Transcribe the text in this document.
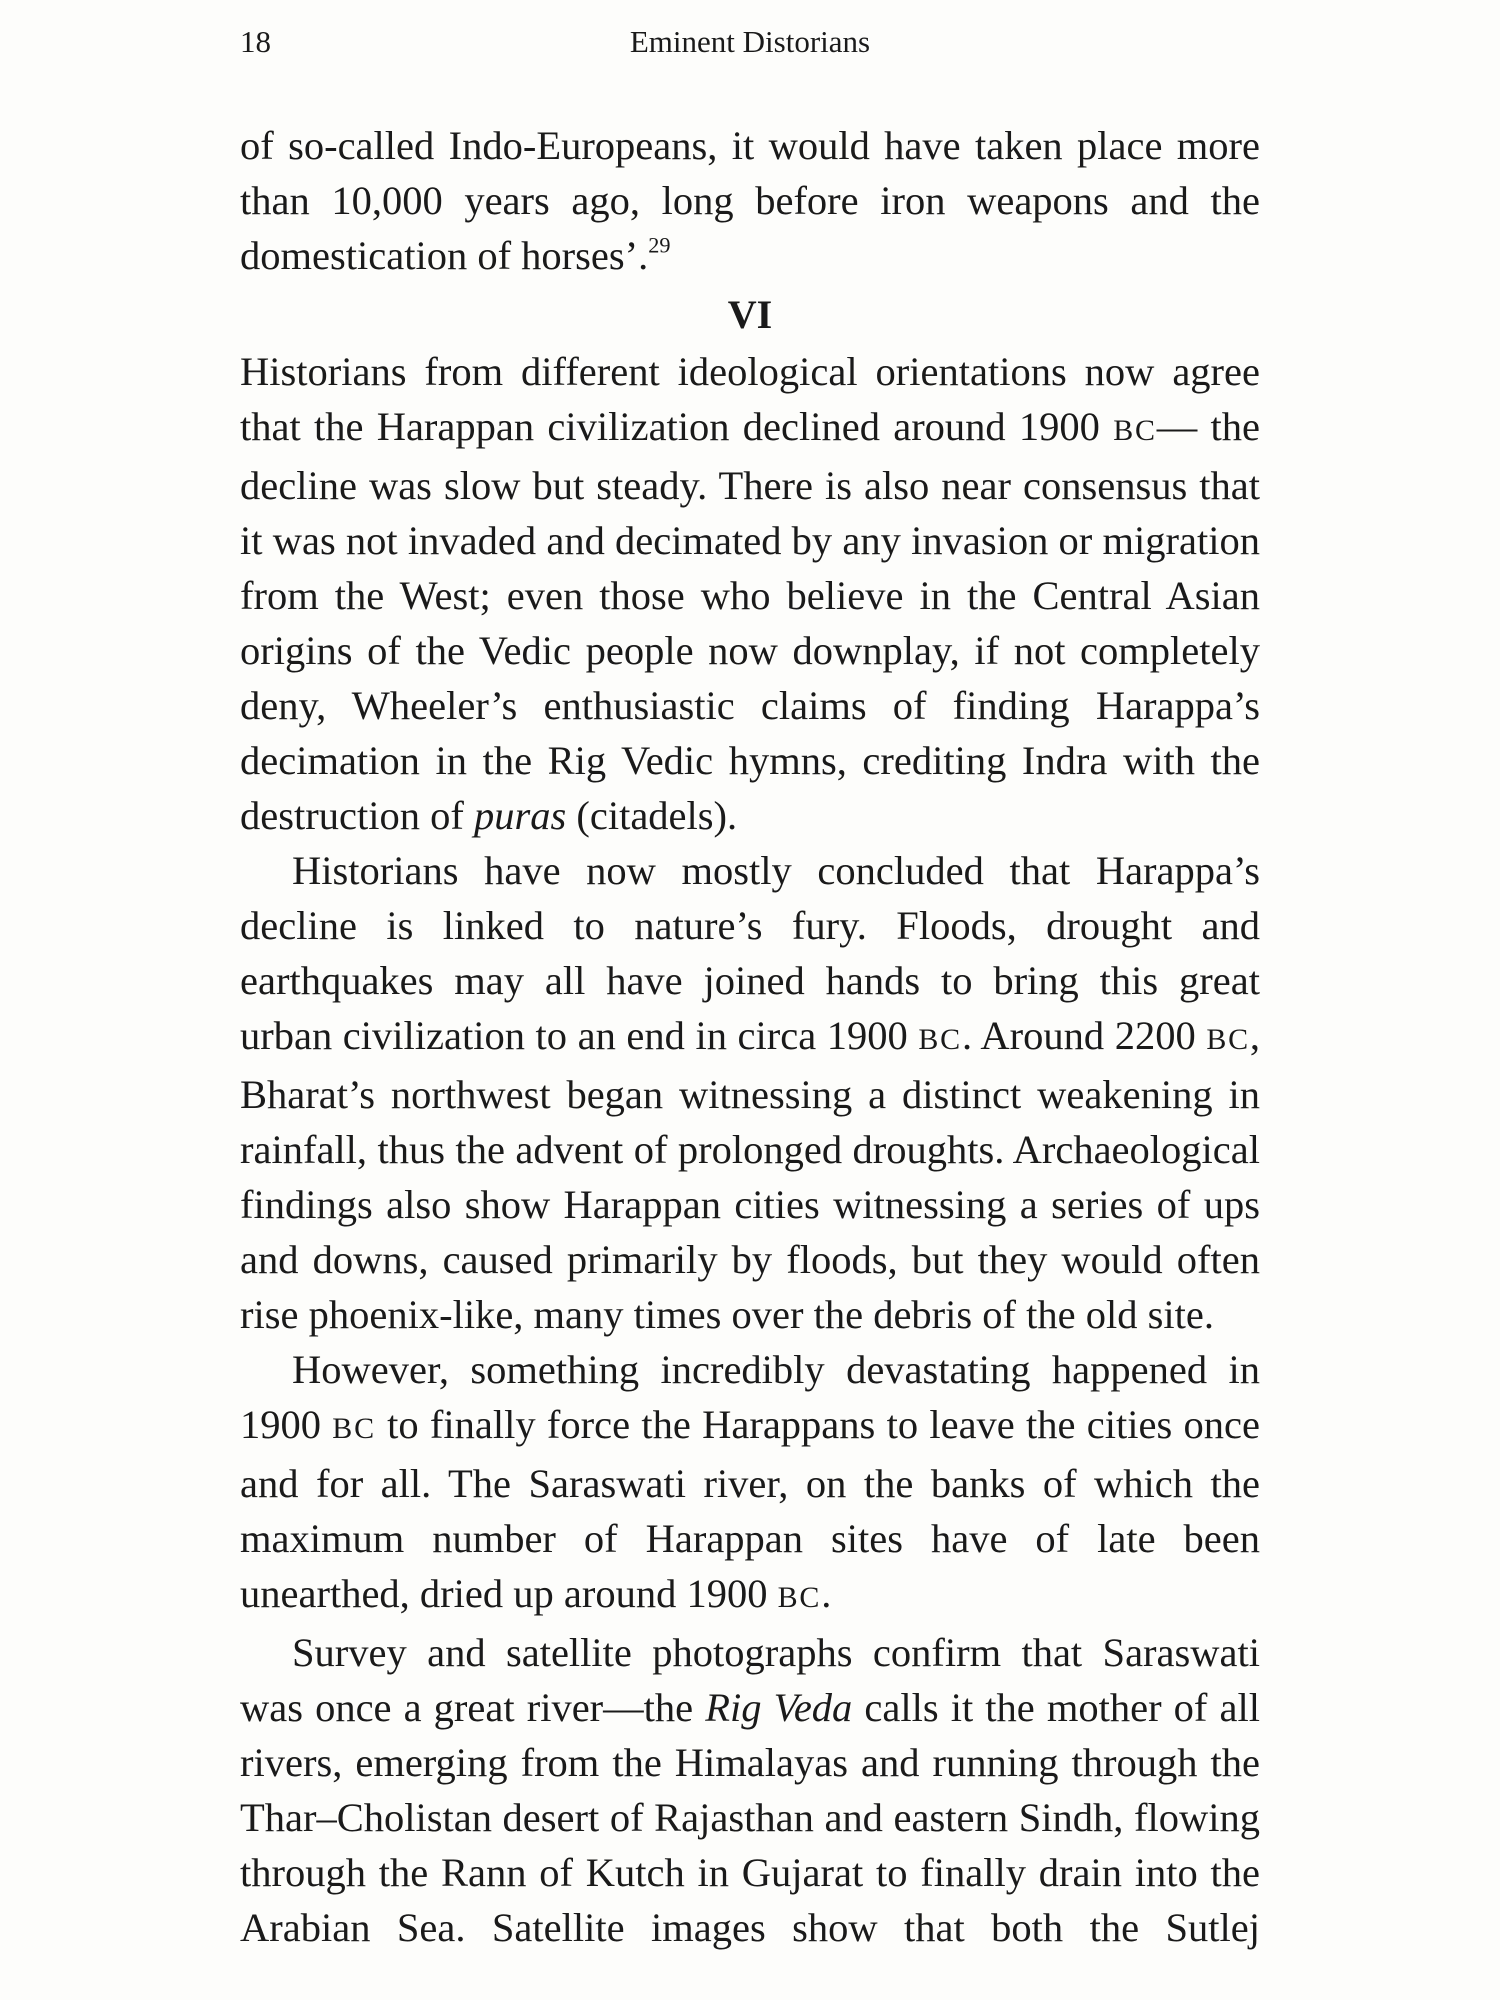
18	Eminent Distorians

of so-called Indo-Europeans, it would have taken place more than 10,000 years ago, long before iron weapons and the domestication of horses’.$^{29}$

VI

Historians from different ideological orientations now agree that the Harappan civilization declined around 1900 BC— the decline was slow but steady. There is also near consensus that it was not invaded and decimated by any invasion or migration from the West; even those who believe in the Central Asian origins of the Vedic people now downplay, if not completely deny, Wheeler’s enthusiastic claims of finding Harappa’s decimation in the Rig Vedic hymns, crediting Indra with the destruction of puras (citadels).

Historians have now mostly concluded that Harappa’s decline is linked to nature’s fury. Floods, drought and earthquakes may all have joined hands to bring this great urban civilization to an end in circa 1900 BC. Around 2200 BC, Bharat’s northwest began witnessing a distinct weakening in rainfall, thus the advent of prolonged droughts. Archaeological findings also show Harappan cities witnessing a series of ups and downs, caused primarily by floods, but they would often rise phoenix-like, many times over the debris of the old site.

However, something incredibly devastating happened in 1900 BC to finally force the Harappans to leave the cities once and for all. The Saraswati river, on the banks of which the maximum number of Harappan sites have of late been unearthed, dried up around 1900 BC.

Survey and satellite photographs confirm that Saraswati was once a great river—the Rig Veda calls it the mother of all rivers, emerging from the Himalayas and running through the Thar–Cholistan desert of Rajasthan and eastern Sindh, flowing through the Rann of Kutch in Gujarat to finally drain into the Arabian Sea. Satellite images show that both the Sutlej
